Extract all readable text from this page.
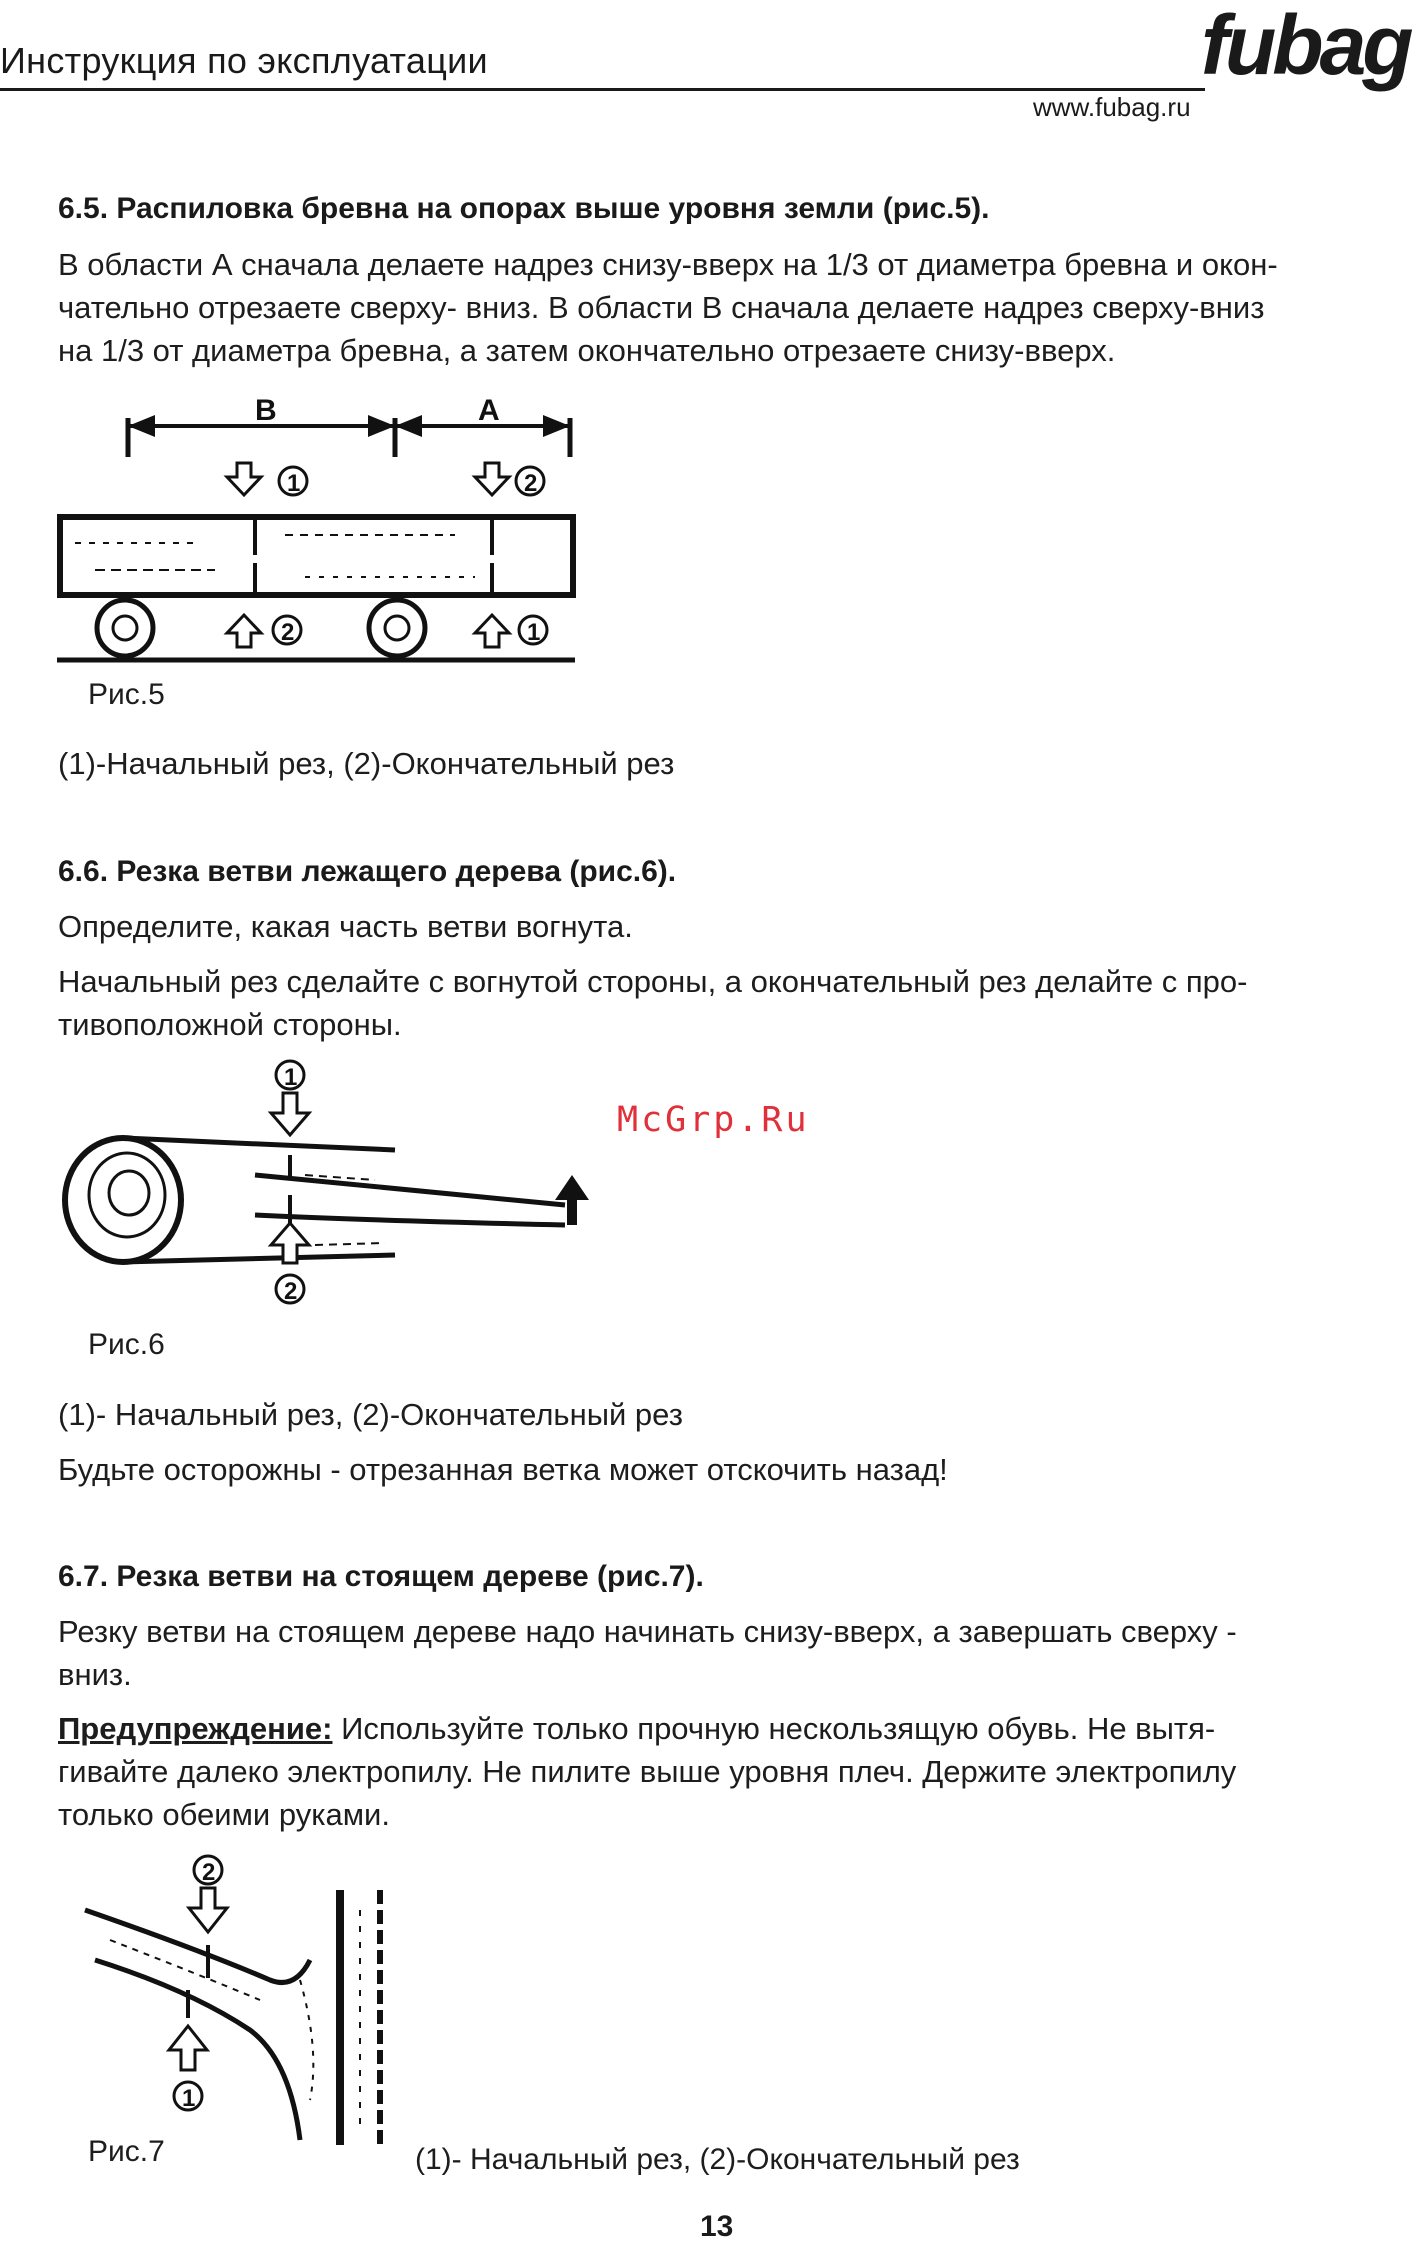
Инструкция по эксплуатации
www.fubag.ru
fubag
6.5. Распиловка бревна на опорах выше уровня земли (рис.5).
В области А сначала делаете надрез снизу-вверх на 1/3 от диаметра бревна и окон-
чательно отрезаете сверху- вниз. В области В сначала делаете надрез сверху-вниз
на 1/3 от диаметра бревна, а затем окончательно отрезаете снизу-вверх.
B	A
1	2
2	1
Рис.5
(1)-Начальный рез, (2)-Окончательный рез
6.6. Резка ветви лежащего дерева (рис.6).
Определите, какая часть ветви вогнута.
Начальный рез сделайте с вогнутой стороны, а окончательный рез делайте с про-
тивоположной стороны.
1
2
McGrp.Ru
Рис.6
(1)- Начальный рез, (2)-Окончательный рез
Будьте осторожны - отрезанная ветка может отскочить назад!
6.7. Резка ветви на стоящем дереве (рис.7).
Резку ветви на стоящем дереве надо начинать снизу-вверх, а завершать сверху -
вниз.
Предупреждение: Используйте только прочную нескользящую обувь. Не вытя-
гивайте далеко электропилу. Не пилите выше уровня плеч. Держите электропилу
только обеими руками.
2
1
Рис.7	(1)- Начальный рез, (2)-Окончательный рез
13
